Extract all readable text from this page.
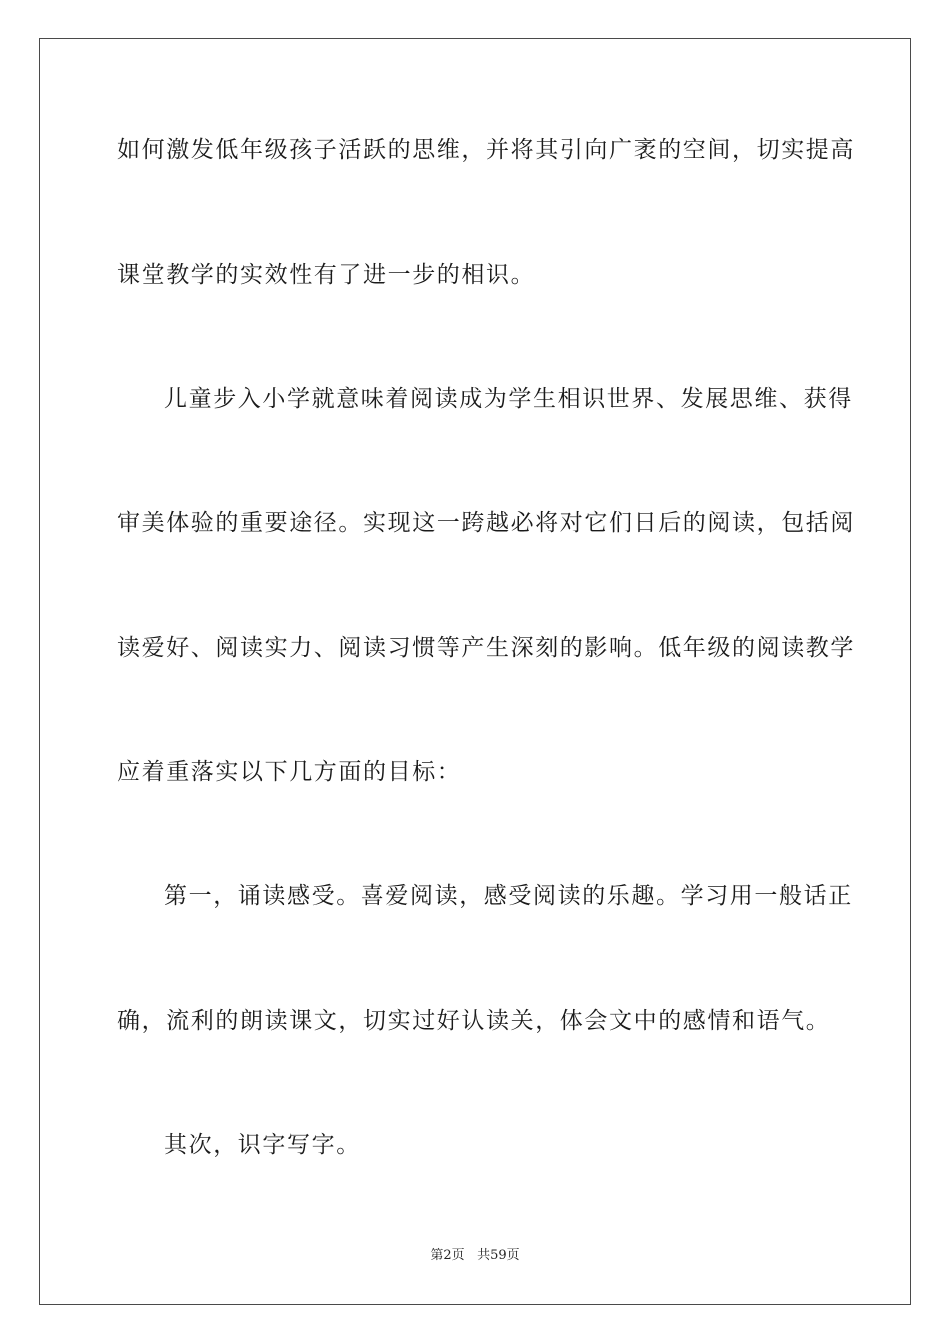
如何激发低年级孩子活跃的思维，并将其引向广袤的空间，切实提高
课堂教学的实效性有了进一步的相识。
儿童步入小学就意味着阅读成为学生相识世界、发展思维、获得
审美体验的重要途径。实现这一跨越必将对它们日后的阅读，包括阅
读爱好、阅读实力、阅读习惯等产生深刻的影响。低年级的阅读教学
应着重落实以下几方面的目标：
第一，诵读感受。喜爱阅读，感受阅读的乐趣。学习用一般话正
确，流利的朗读课文，切实过好认读关，体会文中的感情和语气。
其次，识字写字。
第2页 共59页
